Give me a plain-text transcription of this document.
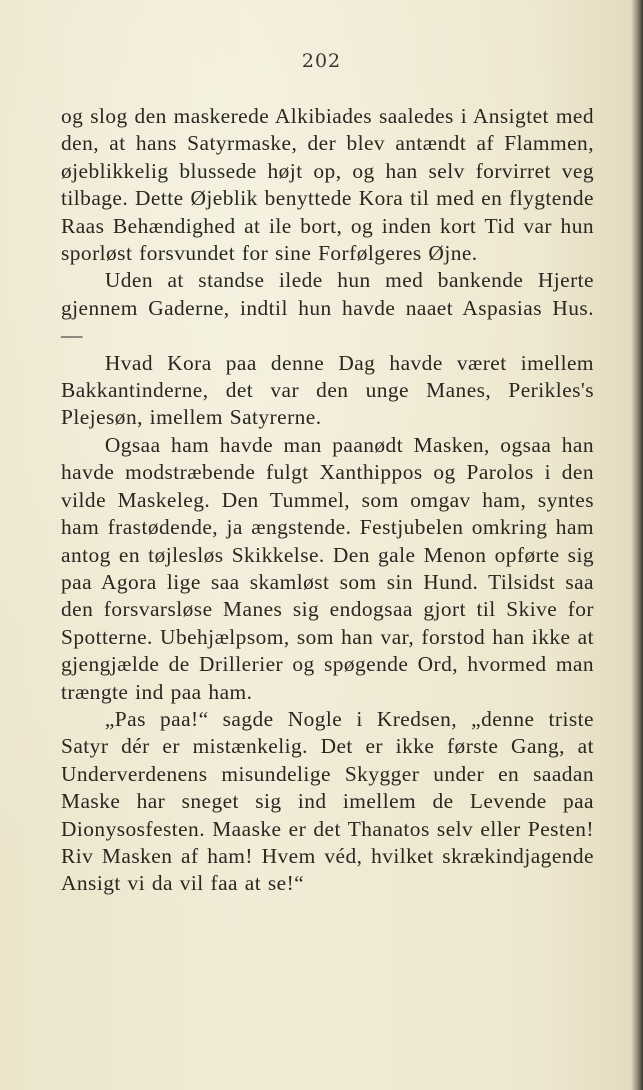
202

og slog den maskerede Alkibiades saaledes i Ansigtet med den, at hans Satyrmaske, der blev antændt af Flammen, øjeblikkelig blussede højt op, og han selv forvirret veg tilbage. Dette Øjeblik benyttede Kora til med en flygtende Raas Behændighed at ile bort, og inden kort Tid var hun sporløst forsvundet for sine Forfølgeres Øjne.

Uden at standse ilede hun med bankende Hjerte gjennem Gaderne, indtil hun havde naaet Aspasias Hus. —

Hvad Kora paa denne Dag havde været imellem Bakkantinderne, det var den unge Manes, Perikles's Plejesøn, imellem Satyrerne.

Ogsaa ham havde man paanødt Masken, ogsaa han havde modstræbende fulgt Xanthippos og Parolos i den vilde Maskeleg. Den Tummel, som omgav ham, syntes ham frastødende, ja ængstende. Festjubelen omkring ham antog en tøjlesløs Skikkelse. Den gale Menon opførte sig paa Agora lige saa skamløst som sin Hund. Tilsidst saa den forsvarsløse Manes sig endogsaa gjort til Skive for Spotterne. Ubehjælpsom, som han var, forstod han ikke at gjengjælde de Drillerier og spøgende Ord, hvormed man trængte ind paa ham.

„Pas paa!“ sagde Nogle i Kredsen, „denne triste Satyr dér er mistænkelig. Det er ikke første Gang, at Underverdenens misundelige Skygger under en saadan Maske har sneget sig ind imellem de Levende paa Dionysosfesten. Maaske er det Thanatos selv eller Pesten! Riv Masken af ham! Hvem véd, hvilket skrækindjagende Ansigt vi da vil faa at se!“
